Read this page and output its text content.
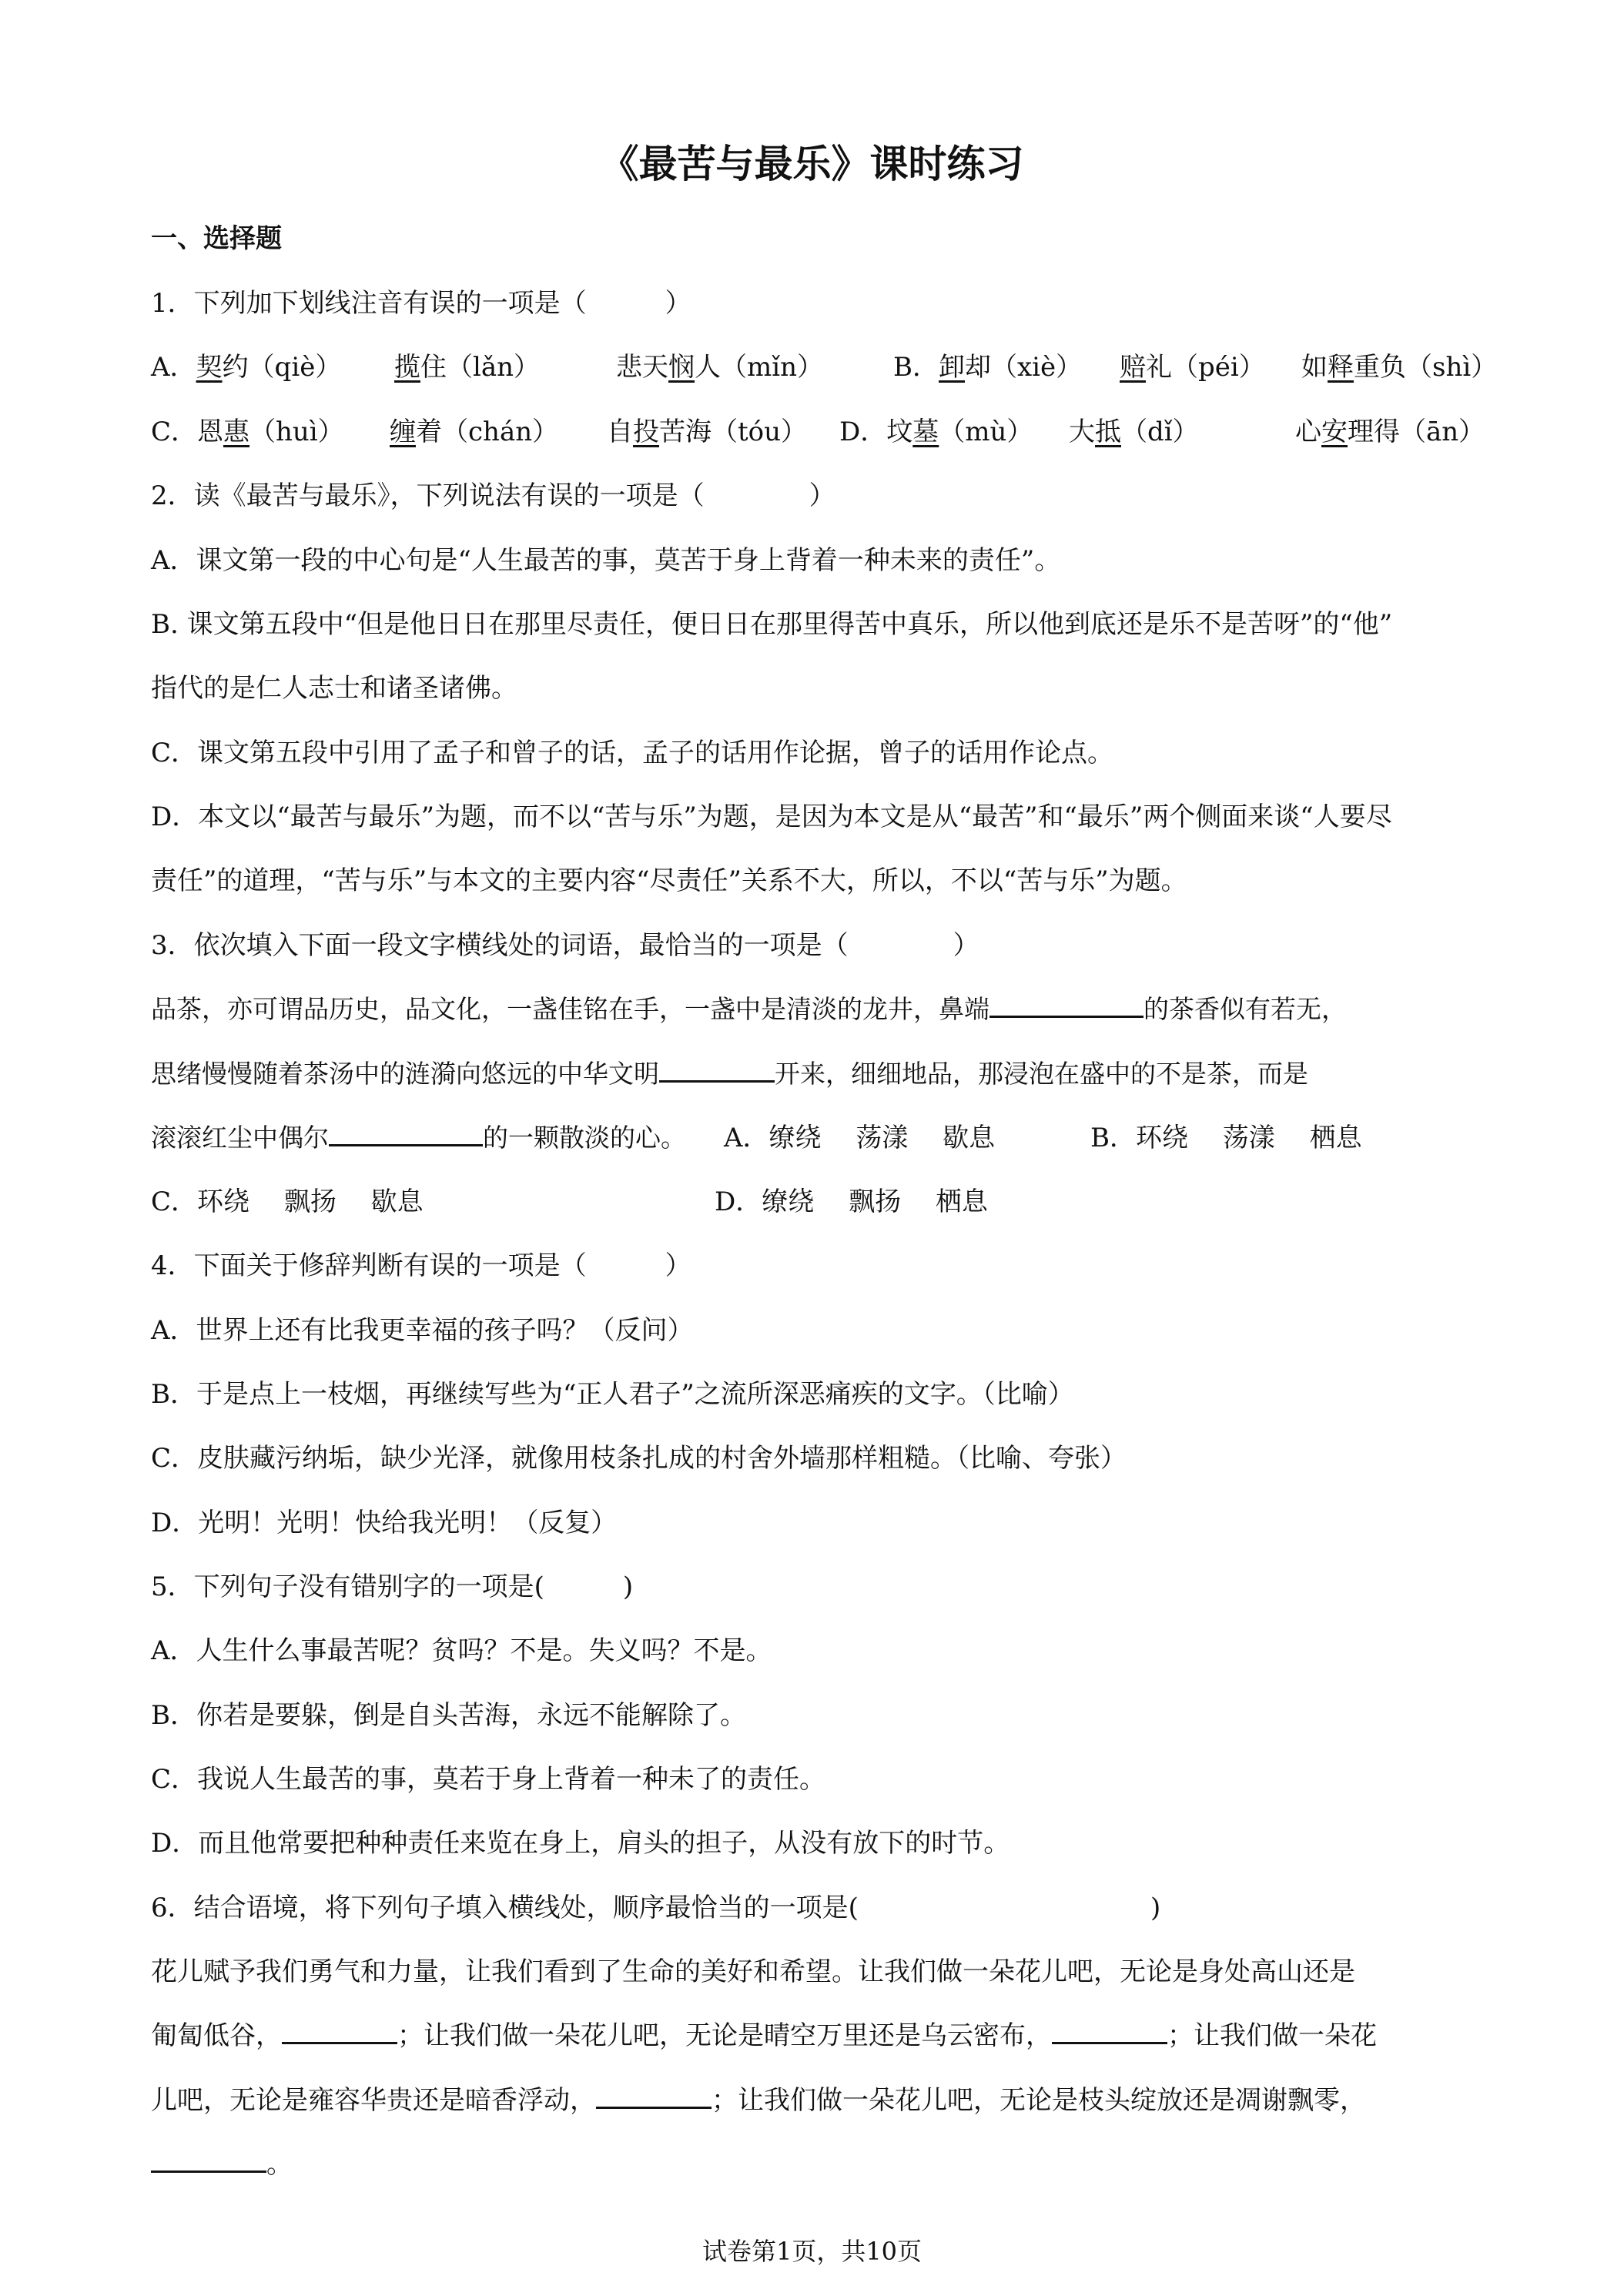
《最苦与最乐》课时练习
一、选择题
1．下列加下划线注音有误的一项是（　　　）
A．契约（qiè） 揽住（lǎn）	悲天悯人（mǐn）	B．卸却（xiè） 赔礼（péi） 如释重负（shì）
C．恩惠（huì） 缠着（chán） 自投苦海（tóu） D．坟墓（mù） 大抵（dǐ）	心安理得（ān）
2．读《最苦与最乐》，下列说法有误的一项是（　　　　）
A．课文第一段的中心句是“人生最苦的事，莫苦于身上背着一种未来的责任”。
B. 课文第五段中“但是他日日在那里尽责任，便日日在那里得苦中真乐，所以他到底还是乐不是苦呀”的“他”
指代的是仁人志士和诸圣诸佛。
C．课文第五段中引用了孟子和曾子的话，孟子的话用作论据，曾子的话用作论点。
D．本文以“最苦与最乐”为题，而不以“苦与乐”为题，是因为本文是从“最苦”和“最乐”两个侧面来谈“人要尽
责任”的道理，“苦与乐”与本文的主要内容“尽责任”关系不大，所以，不以“苦与乐”为题。
3．依次填入下面一段文字横线处的词语，最恰当的一项是（　　　　）
品茶，亦可谓品历史，品文化，一盏佳铭在手，一盏中是清淡的龙井，鼻端	的茶香似有若无，
思绪慢慢随着茶汤中的涟漪向悠远的中华文明	开来，细细地品，那浸泡在盛中的不是茶，而是
滚滚红尘中偶尔	的一颗散淡的心。 A．缭绕　 荡漾　 歇息	B．环绕　 荡漾　 栖息
C．环绕　 飘扬　 歇息	D．缭绕　 飘扬　 栖息
4．下面关于修辞判断有误的一项是（　　　）
A．世界上还有比我更幸福的孩子吗？（反问）
B．于是点上一枝烟，再继续写些为“正人君子”之流所深恶痛疾的文字。（比喻）
C．皮肤藏污纳垢，缺少光泽，就像用枝条扎成的村舍外墙那样粗糙。（比喻、夸张）
D．光明！光明！快给我光明！（反复）
5．下列句子没有错别字的一项是(　　　)
A．人生什么事最苦呢？贫吗？不是。失义吗？不是。
B．你若是要躲，倒是自头苦海，永远不能解除了。
C．我说人生最苦的事，莫若于身上背着一种未了的责任。
D．而且他常要把种种责任来览在身上，肩头的担子，从没有放下的时节。
6．结合语境，将下列句子填入横线处，顺序最恰当的一项是(	)
花儿赋予我们勇气和力量，让我们看到了生命的美好和希望。让我们做一朵花儿吧，无论是身处高山还是
匍匐低谷，	；让我们做一朵花儿吧，无论是晴空万里还是乌云密布，	；让我们做一朵花
儿吧，无论是雍容华贵还是暗香浮动，	；让我们做一朵花儿吧，无论是枝头绽放还是凋谢飘零，
。
试卷第1页，共10页
